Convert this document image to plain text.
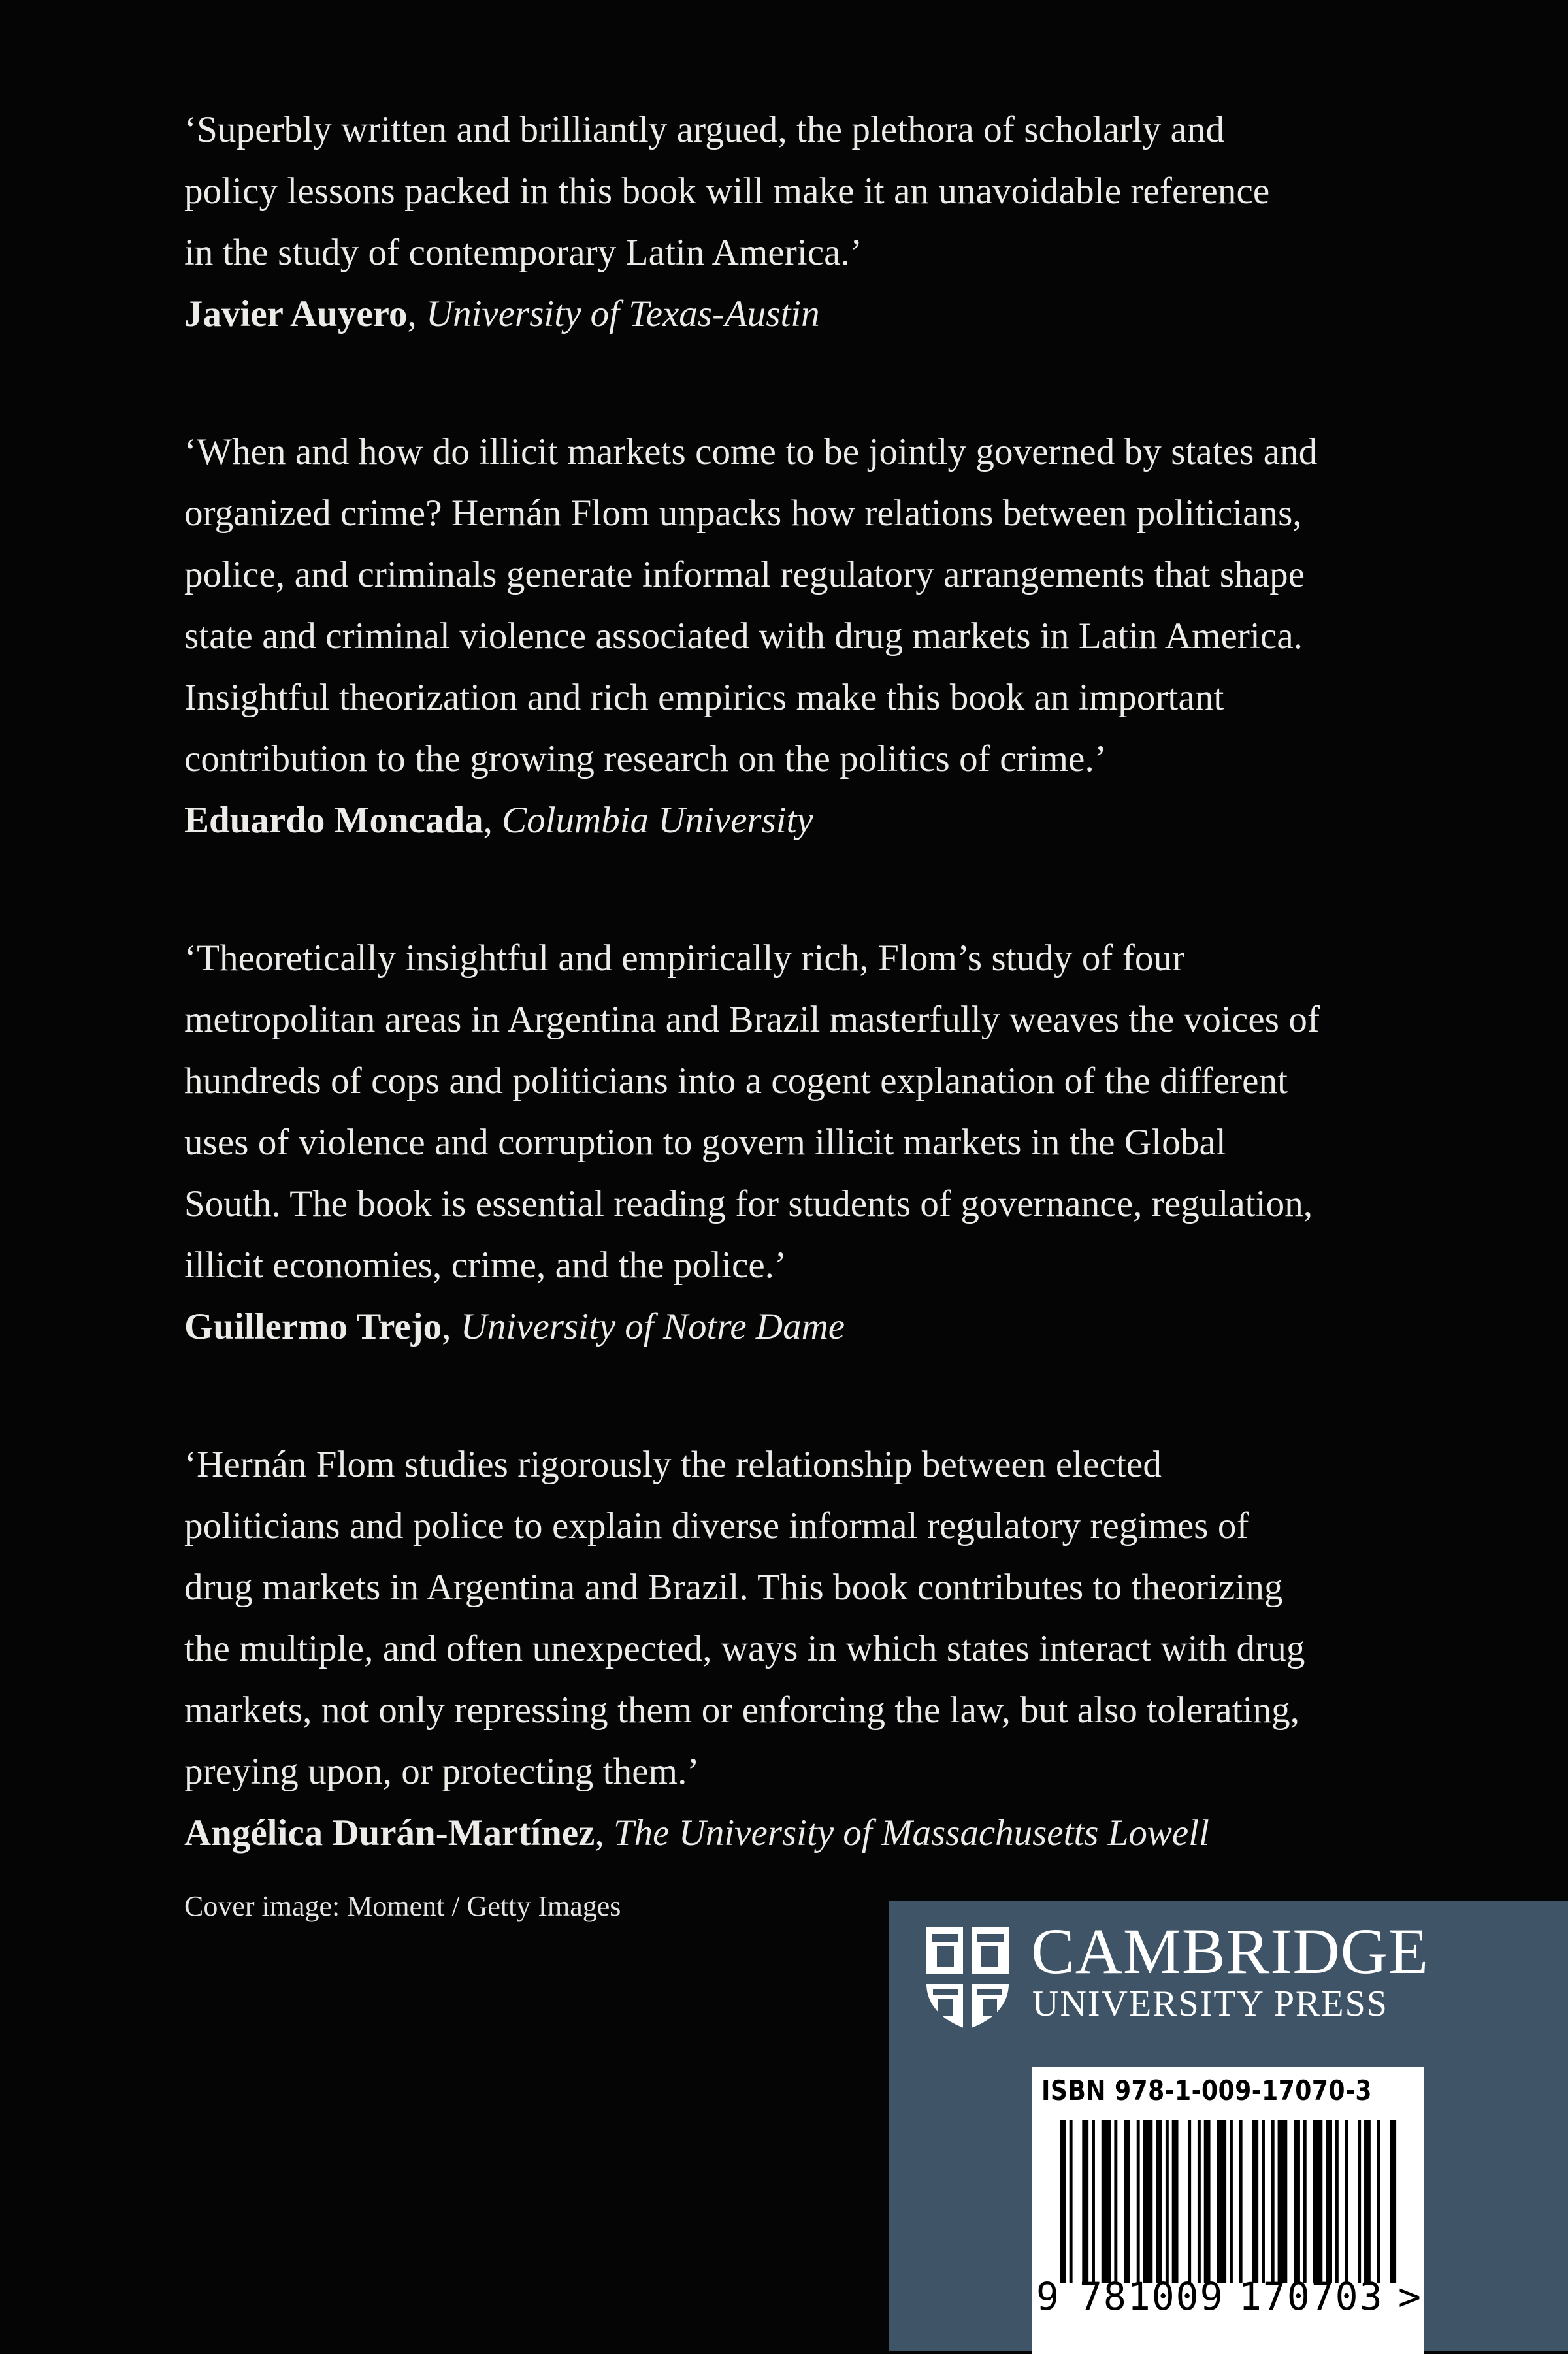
‘Superbly written and brilliantly argued, the plethora of scholarly and
policy lessons packed in this book will make it an unavoidable reference
in the study of contemporary Latin America.’

Javier Auyero, University of Texas-Austin

‘When and how do illicit markets come to be jointly governed by states and
organized crime? Hernán Flom unpacks how relations between politicians,
police, and criminals generate informal regulatory arrangements that shape
state and criminal violence associated with drug markets in Latin America.
Insightful theorization and rich empirics make this book an important
contribution to the growing research on the politics of crime.’

Eduardo Moncada, Columbia University

‘Theoretically insightful and empirically rich, Flom’s study of four
metropolitan areas in Argentina and Brazil masterfully weaves the voices of
hundreds of cops and politicians into a cogent explanation of the different
uses of violence and corruption to govern illicit markets in the Global
South. The book is essential reading for students of governance, regulation,
illicit economies, crime, and the police.’

Guillermo Trejo, University of Notre Dame

‘Hernán Flom studies rigorously the relationship between elected
politicians and police to explain diverse informal regulatory regimes of
drug markets in Argentina and Brazil. This book contributes to theorizing
the multiple, and often unexpected, ways in which states interact with drug
markets, not only repressing them or enforcing the law, but also tolerating,
preying upon, or protecting them.’

Angélica Durán-Martínez, The University of Massachusetts Lowell

Cover image: Moment / Getty Images
CAMBRIDGE
UNIVERSITY PRESS
ISBN 978-1-009-17070-3
9 781009 170703 >
